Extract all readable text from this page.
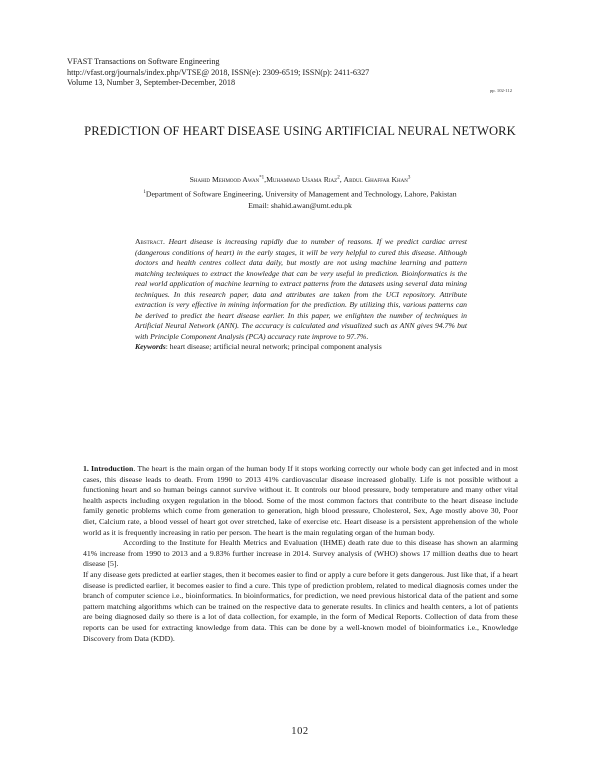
VFAST Transactions on Software Engineering
http://vfast.org/journals/index.php/VTSE@ 2018, ISSN(e): 2309-6519; ISSN(p): 2411-6327
Volume 13, Number 3, September-December, 2018
pp. 102-112
PREDICTION OF HEART DISEASE USING ARTIFICIAL NEURAL NETWORK
Shahid Mehmood Awan$^{*1}$,Muhammad Usama Riaz$^2$, Abdul Ghaffar Khan$^3$
$^1$Department of Software Engineering, University of Management and Technology, Lahore, Pakistan
Email: shahid.awan@umt.edu.pk
Abstract. Heart disease is increasing rapidly due to number of reasons. If we predict cardiac arrest (dangerous conditions of heart) in the early stages, it will be very helpful to cured this disease. Although doctors and health centres collect data daily, but mostly are not using machine learning and pattern matching techniques to extract the knowledge that can be very useful in prediction. Bioinformatics is the real world application of machine learning to extract patterns from the datasets using several data mining techniques. In this research paper, data and attributes are taken from the UCI repository. Attribute extraction is very effective in mining information for the prediction. By utilizing this, various patterns can be derived to predict the heart disease earlier. In this paper, we enlighten the number of techniques in Artificial Neural Network (ANN). The accuracy is calculated and visualized such as ANN gives 94.7% but with Principle Component Analysis (PCA) accuracy rate improve to 97.7%.
Keywords: heart disease; artificial neural network; principal component analysis

1. Introduction. The heart is the main organ of the human body If it stops working correctly our whole body can get infected and in most cases, this disease leads to death. From 1990 to 2013 41% cardiovascular disease increased globally. Life is not possible without a functioning heart and so human beings cannot survive without it. It controls our blood pressure, body temperature and many other vital health aspects including oxygen regulation in the blood. Some of the most common factors that contribute to the heart disease include family genetic problems which come from generation to generation, high blood pressure, Cholesterol, Sex, Age mostly above 30, Poor diet, Calcium rate, a blood vessel of heart got over stretched, lake of exercise etc. Heart disease is a persistent apprehension of the whole world as it is frequently increasing in ratio per person. The heart is the main regulating organ of the human body.

According to the Institute for Health Metrics and Evaluation (IHME) death rate due to this disease has shown an alarming 41% increase from 1990 to 2013 and a 9.83% further increase in 2014. Survey analysis of (WHO) shows 17 million deaths due to heart disease [5].

If any disease gets predicted at earlier stages, then it becomes easier to find or apply a cure before it gets dangerous. Just like that, if a heart disease is predicted earlier, it becomes easier to find a cure. This type of prediction problem, related to medical diagnosis comes under the branch of computer science i.e., bioinformatics. In bioinformatics, for prediction, we need previous historical data of the patient and some pattern matching algorithms which can be trained on the respective data to generate results. In clinics and health centers, a lot of patients are being diagnosed daily so there is a lot of data collection, for example, in the form of Medical Reports. Collection of data from these reports can be used for extracting knowledge from data. This can be done by a well-known model of bioinformatics i.e., Knowledge Discovery from Data (KDD).

102
